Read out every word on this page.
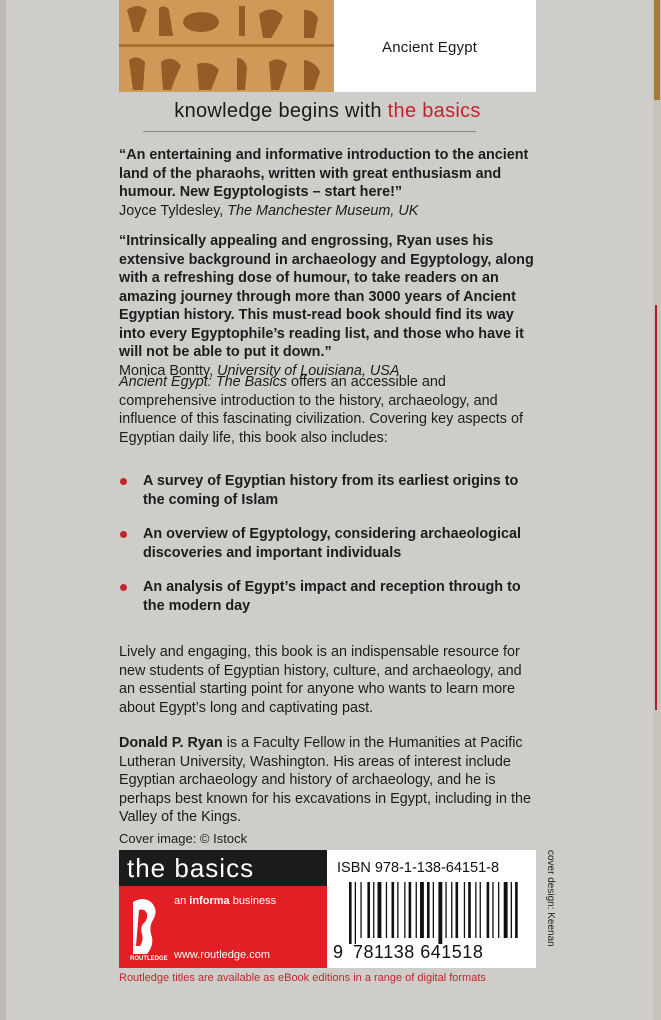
Ancient Egypt
knowledge begins with the basics
“An entertaining and informative introduction to the ancient land of the pharaohs, written with great enthusiasm and humour. New Egyptologists – start here!”
Joyce Tyldesley, The Manchester Museum, UK
“Intrinsically appealing and engrossing, Ryan uses his extensive background in archaeology and Egyptology, along with a refreshing dose of humour, to take readers on an amazing journey through more than 3000 years of Ancient Egyptian history. This must-read book should find its way into every Egyptophile’s reading list, and those who have it will not be able to put it down.”
Monica Bontty, University of Louisiana, USA
Ancient Egypt: The Basics offers an accessible and comprehensive introduction to the history, archaeology, and influence of this fascinating civilization. Covering key aspects of Egyptian daily life, this book also includes:
A survey of Egyptian history from its earliest origins to the coming of Islam
An overview of Egyptology, considering archaeological discoveries and important individuals
An analysis of Egypt’s impact and reception through to the modern day
Lively and engaging, this book is an indispensable resource for new students of Egyptian history, culture, and archaeology, and an essential starting point for anyone who wants to learn more about Egypt’s long and captivating past.
Donald P. Ryan is a Faculty Fellow in the Humanities at Pacific Lutheran University, Washington. His areas of interest include Egyptian archaeology and history of archaeology, and he is perhaps best known for his excavations in Egypt, including in the Valley of the Kings.
Cover image: © Istock
the basics
ROUTLEDGE
an informa business
www.routledge.com
ISBN 978-1-138-64151-8
9 781138 641518
cover design: Keenan
Routledge titles are available as eBook editions in a range of digital formats
